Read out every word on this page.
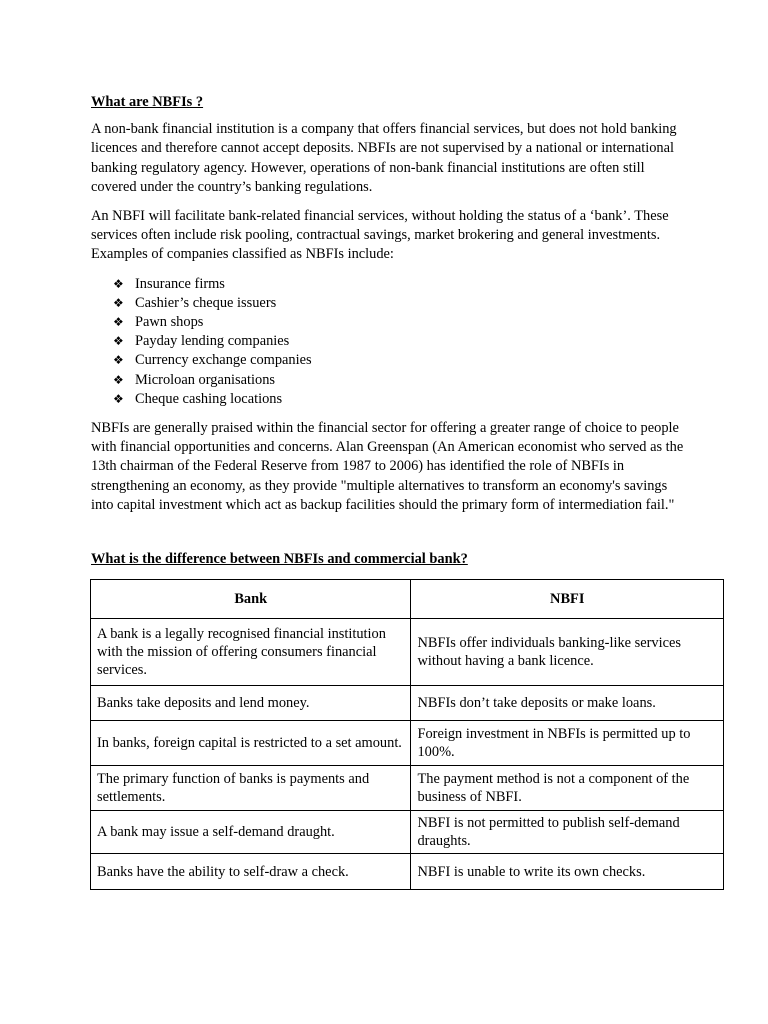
What are NBFIs ?

A non-bank financial institution is a company that offers financial services, but does not hold banking licences and therefore cannot accept deposits. NBFIs are not supervised by a national or international banking regulatory agency. However, operations of non-bank financial institutions are often still covered under the country’s banking regulations.

An NBFI will facilitate bank-related financial services, without holding the status of a ‘bank’. These services often include risk pooling, contractual savings, market brokering and general investments. Examples of companies classified as NBFIs include:

❖ Insurance firms
❖ Cashier’s cheque issuers
❖ Pawn shops
❖ Payday lending companies
❖ Currency exchange companies
❖ Microloan organisations
❖ Cheque cashing locations

NBFIs are generally praised within the financial sector for offering a greater range of choice to people with financial opportunities and concerns. Alan Greenspan (An American economist who served as the 13th chairman of the Federal Reserve from 1987 to 2006) has identified the role of NBFIs in strengthening an economy, as they provide "multiple alternatives to transform an economy's savings into capital investment which act as backup facilities should the primary form of intermediation fail."

What is the difference between NBFIs and commercial bank?
Bank	NBFI
A bank is a legally recognised financial institution with the mission of offering consumers financial services.	NBFIs offer individuals banking-like services without having a bank licence.
Banks take deposits and lend money.	NBFIs don’t take deposits or make loans.
In banks, foreign capital is restricted to a set amount.	Foreign investment in NBFIs is permitted up to 100%.
The primary function of banks is payments and settlements.	The payment method is not a component of the business of NBFI.
A bank may issue a self-demand draught.	NBFI is not permitted to publish self-demand draughts.
Banks have the ability to self-draw a check.	NBFI is unable to write its own checks.
